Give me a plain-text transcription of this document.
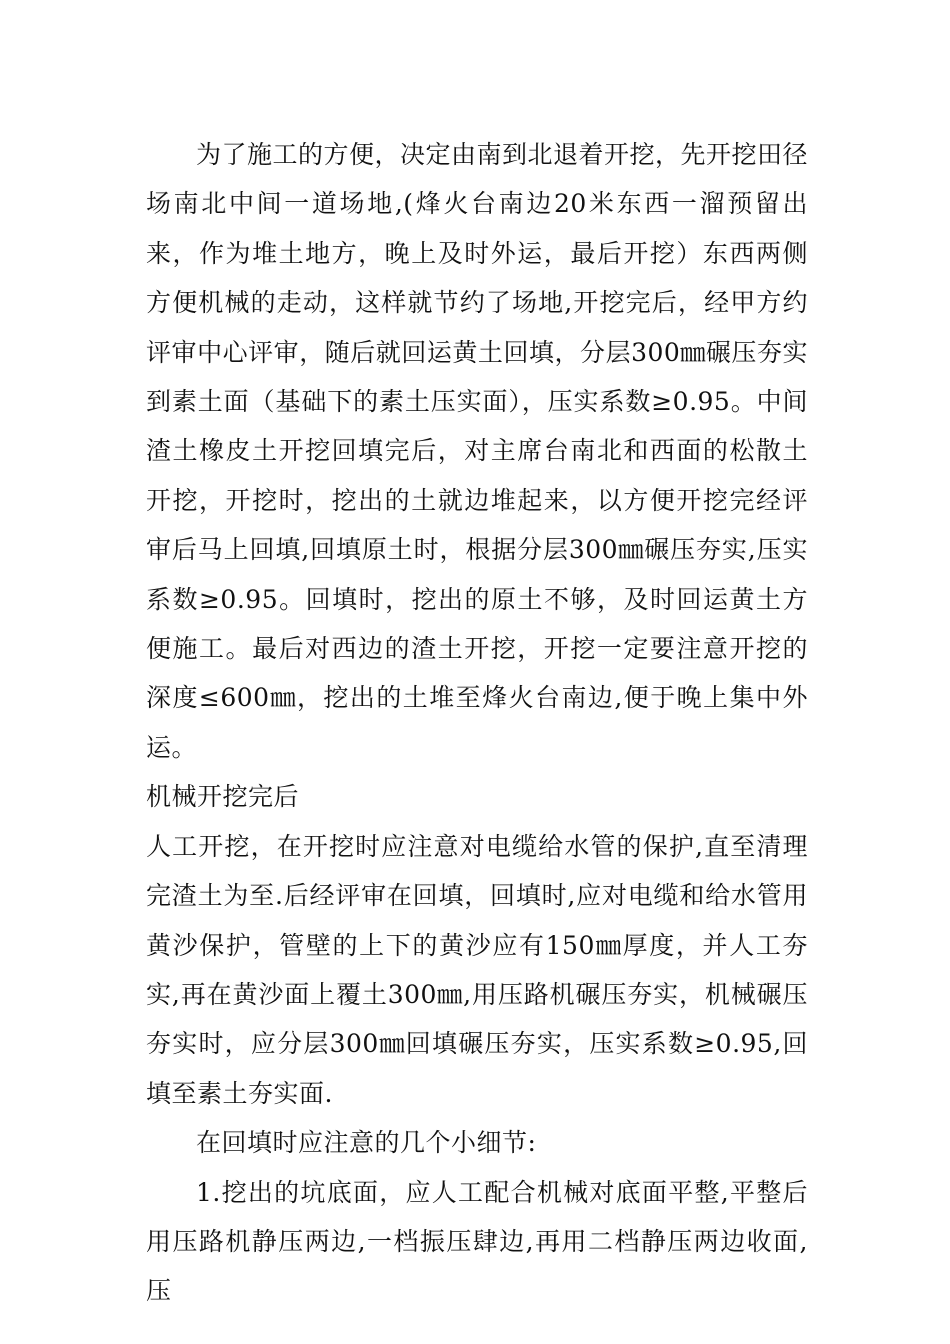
为了施工的方便，决定由南到北退着开挖，先开挖田径场南北中间一道场地,(烽火台南边20米东西一溜预留出来，作为堆土地方，晚上及时外运，最后开挖）东西两侧方便机械的走动，这样就节约了场地,开挖完后，经甲方约评审中心评审，随后就回运黄土回填，分层300㎜碾压夯实到素土面（基础下的素土压实面），压实系数≥0.95。中间渣土橡皮土开挖回填完后，对主席台南北和西面的松散土开挖，开挖时，挖出的土就边堆起来，以方便开挖完经评审后马上回填,回填原土时，根据分层300㎜碾压夯实,压实系数≥0.95。回填时，挖出的原土不够，及时回运黄土方便施工。最后对西边的渣土开挖，开挖一定要注意开挖的深度≤600㎜，挖出的土堆至烽火台南边,便于晚上集中外运。

机械开挖完后

人工开挖，在开挖时应注意对电缆给水管的保护,直至清理完渣土为至.后经评审在回填，回填时,应对电缆和给水管用黄沙保护，管壁的上下的黄沙应有150㎜厚度，并人工夯实,再在黄沙面上覆土300㎜,用压路机碾压夯实，机械碾压夯实时，应分层300㎜回填碾压夯实，压实系数≥0.95,回填至素土夯实面.

在回填时应注意的几个小细节:

1.挖出的坑底面，应人工配合机械对底面平整,平整后用压路机静压两边,一档振压肆边,再用二档静压两边收面,压
